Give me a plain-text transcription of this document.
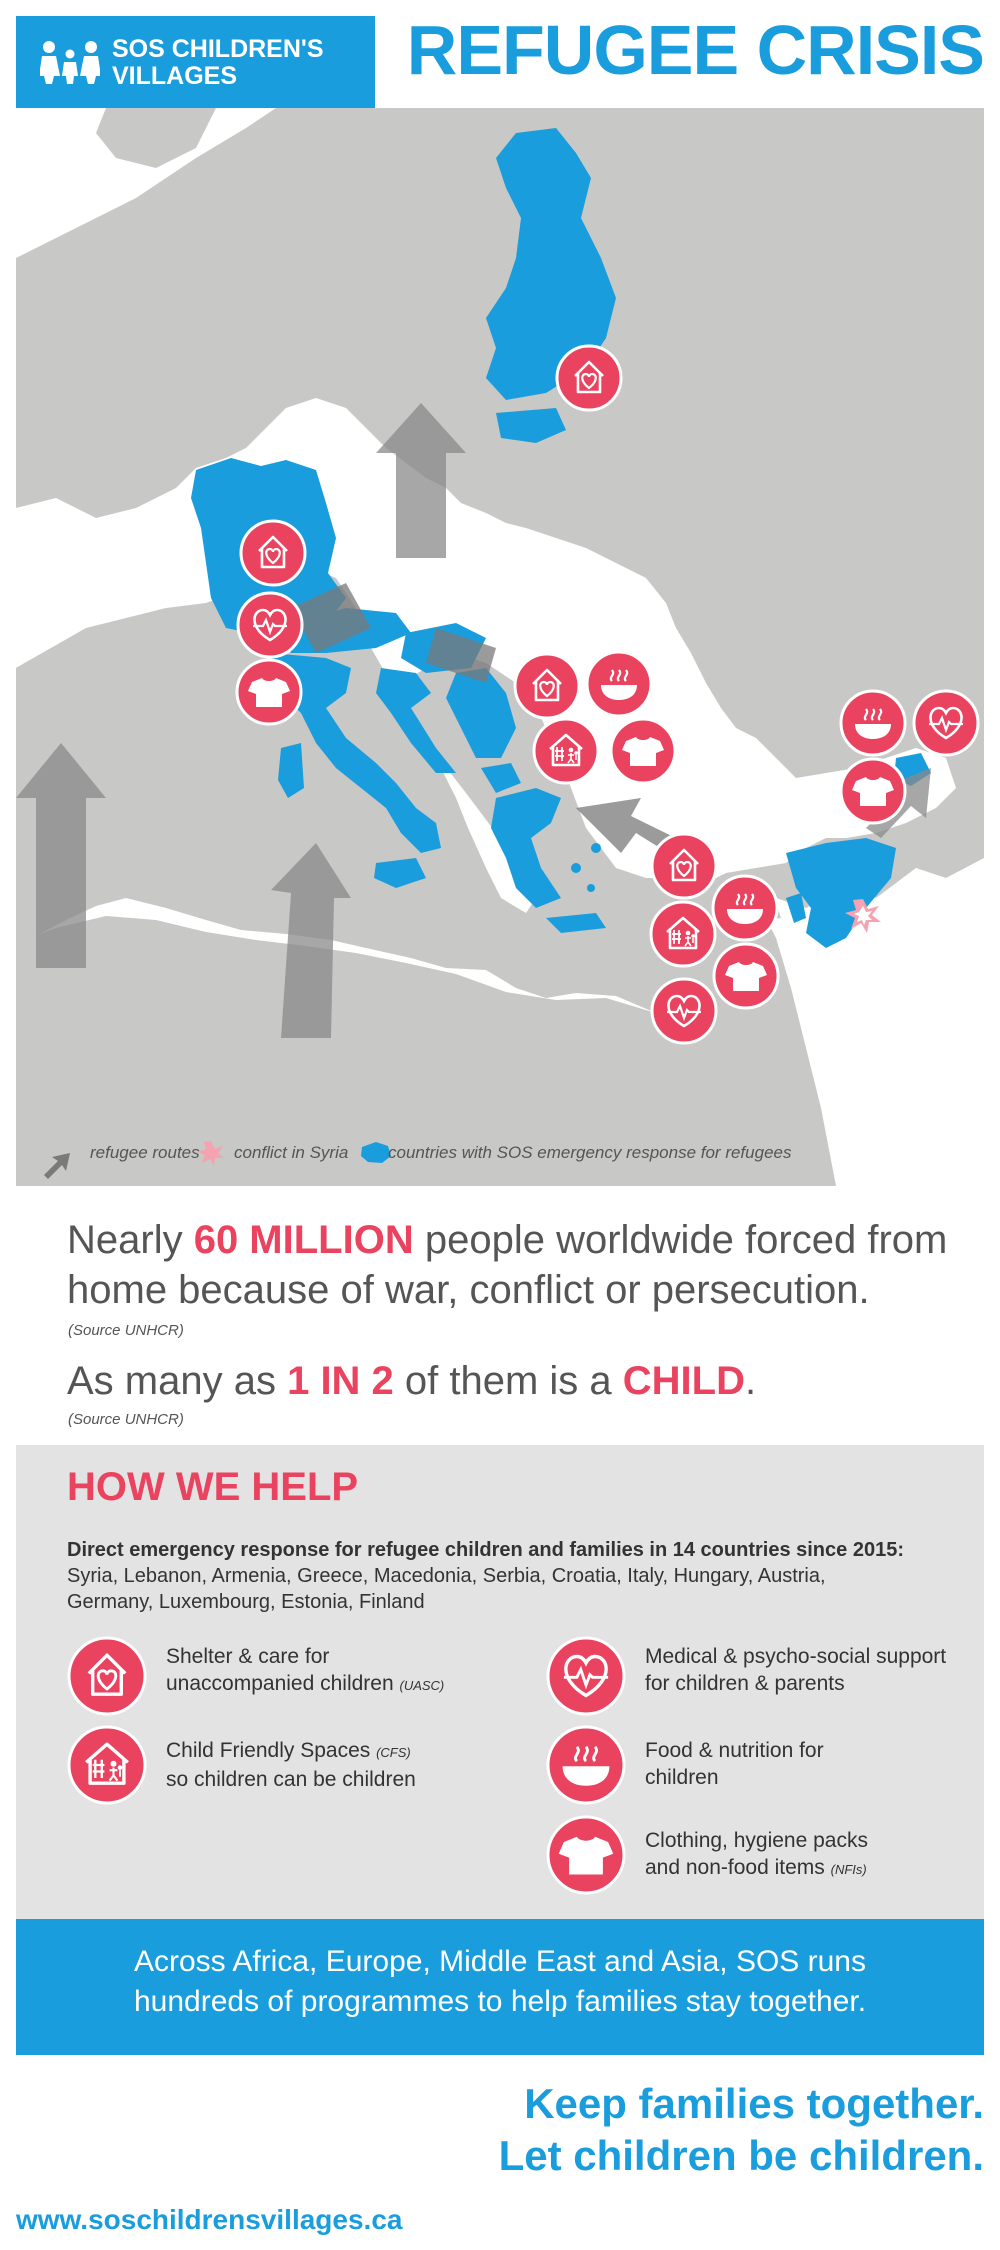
SOS CHILDREN'S
VILLAGES	REFUGEE CRISIS
refugee routes conflict in Syria countries with SOS emergency response for refugees
Nearly 60 MILLION people worldwide forced from
home because of war, conflict or persecution.
(Source UNHCR)
As many as 1 IN 2 of them is a CHILD.
(Source UNHCR)
HOW WE HELP
Direct emergency response for refugee children and families in 14 countries since 2015:
Syria, Lebanon, Armenia, Greece, Macedonia, Serbia, Croatia, Italy, Hungary, Austria,
Germany, Luxembourg, Estonia, Finland
Shelter & care for
unaccompanied children (UASC)
Child Friendly Spaces (CFS)
so children can be children
Medical & psycho-social support
for children & parents
Food & nutrition for
children
Clothing, hygiene packs
and non-food items (NFIs)
Across Africa, Europe, Middle East and Asia, SOS runs
hundreds of programmes to help families stay together.
Keep families together.
Let children be children.
www.soschildrensvillages.ca
